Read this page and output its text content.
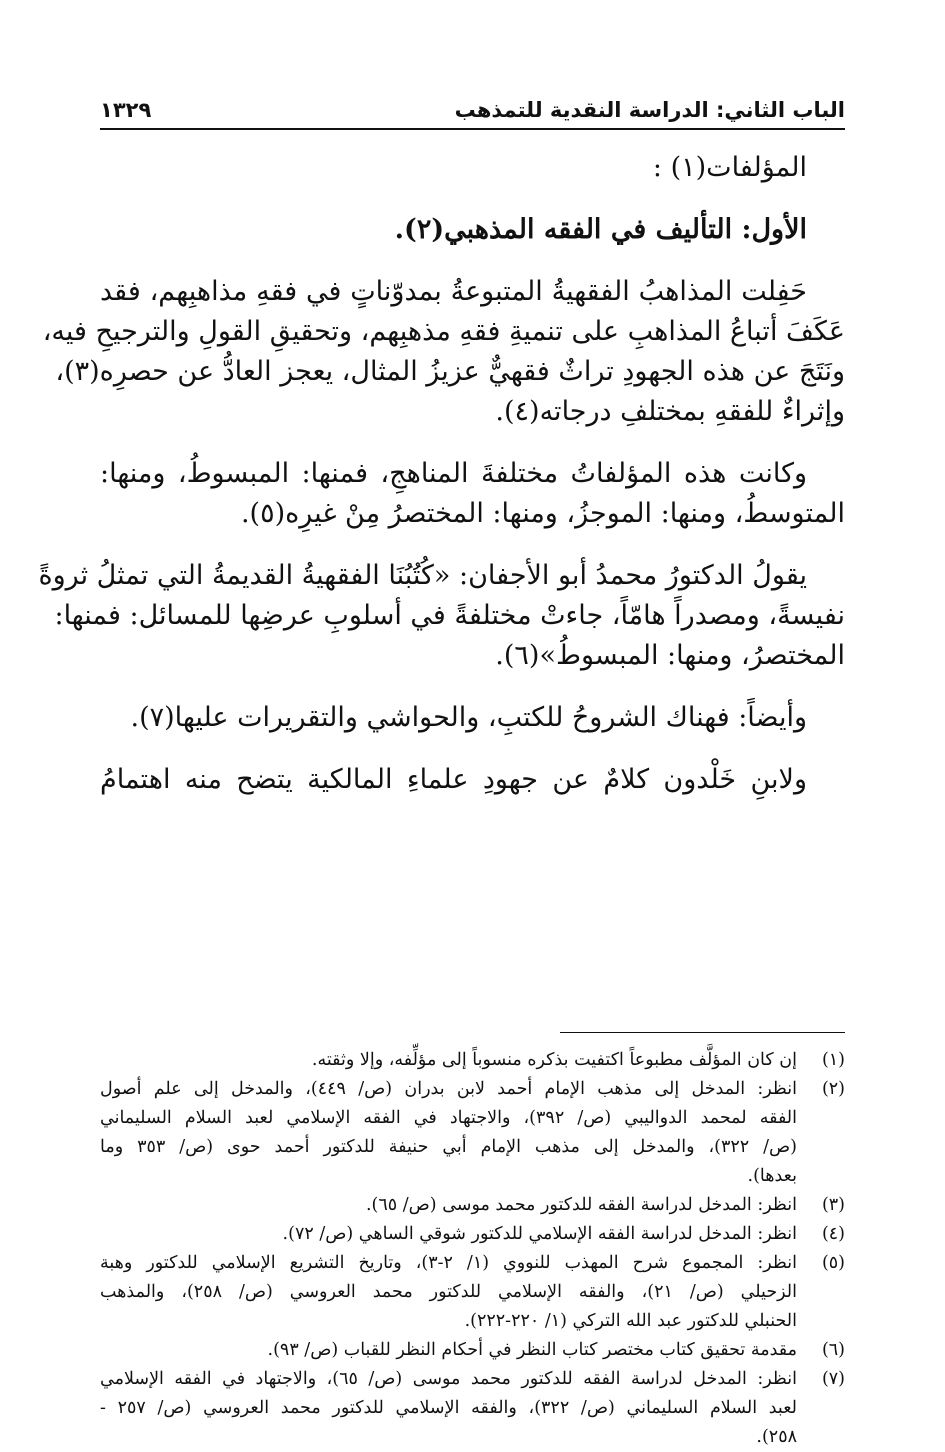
الباب الثاني: الدراسة النقدية للتمذهب
١٣٢٩
المؤلفات(١) :
الأول: التأليف في الفقه المذهبي(٢).
حَفِلت المذاهبُ الفقهيةُ المتبوعةُ بمدوّناتٍ في فقهِ مذاهبِهم، فقد
عَكَفَ أتباعُ المذاهبِ على تنميةِ فقهِ مذهبِهم، وتحقيقِ القولِ والترجيحِ فيه،
ونَتَجَ عن هذه الجهودِ تراثٌ فقهيٌّ عزيزُ المثال، يعجز العادُّ عن حصرِه(٣)،
وإثراءٌ للفقهِ بمختلفِ درجاته(٤).
وكانت هذه المؤلفاتُ مختلفةَ المناهجِ، فمنها: المبسوطُ، ومنها:
المتوسطُ، ومنها: الموجزُ، ومنها: المختصرُ مِنْ غيرِه(٥).
يقولُ الدكتورُ محمدُ أبو الأجفان: «كُتُبُنَا الفقهيةُ القديمةُ التي تمثلُ ثروةً
نفيسةً، ومصدراً هامّاً، جاءتْ مختلفةً في أسلوبِ عرضِها للمسائل: فمنها:
المختصرُ، ومنها: المبسوطُ»(٦).
وأيضاً: فهناك الشروحُ للكتبِ، والحواشي والتقريرات عليها(٧).
ولابنِ خَلْدون كلامٌ عن جهودِ علماءِ المالكية يتضح منه اهتمامُ
(١)
إن كان المؤلَّف مطبوعاً اكتفيت بذكره منسوباً إلى مؤلِّفه، وإلا وثقته.
(٢)
انظر: المدخل إلى مذهب الإمام أحمد لابن بدران (ص/ ٤٤٩)، والمدخل إلى علم أصول
الفقه لمحمد الدواليبي (ص/ ٣٩٢)، والاجتهاد في الفقه الإسلامي لعبد السلام السليماني
(ص/ ٣٢٢)، والمدخل إلى مذهب الإمام أبي حنيفة للدكتور أحمد حوى (ص/ ٣٥٣ وما
بعدها).
(٣)
انظر: المدخل لدراسة الفقه للدكتور محمد موسى (ص/ ٦٥).
(٤)
انظر: المدخل لدراسة الفقه الإسلامي للدكتور شوقي الساهي (ص/ ٧٢).
(٥)
انظر: المجموع شرح المهذب للنووي (١/ ٢-٣)، وتاريخ التشريع الإسلامي للدكتور وهبة
الزحيلي (ص/ ٢١)، والفقه الإسلامي للدكتور محمد العروسي (ص/ ٢٥٨)، والمذهب
الحنبلي للدكتور عبد الله التركي (١/ ٢٢٠-٢٢٢).
(٦)
مقدمة تحقيق كتاب مختصر كتاب النظر في أحكام النظر للقباب (ص/ ٩٣).
(٧)
انظر: المدخل لدراسة الفقه للدكتور محمد موسى (ص/ ٦٥)، والاجتهاد في الفقه الإسلامي
لعبد السلام السليماني (ص/ ٣٢٢)، والفقه الإسلامي للدكتور محمد العروسي (ص/ ٢٥٧ -
٢٥٨).
